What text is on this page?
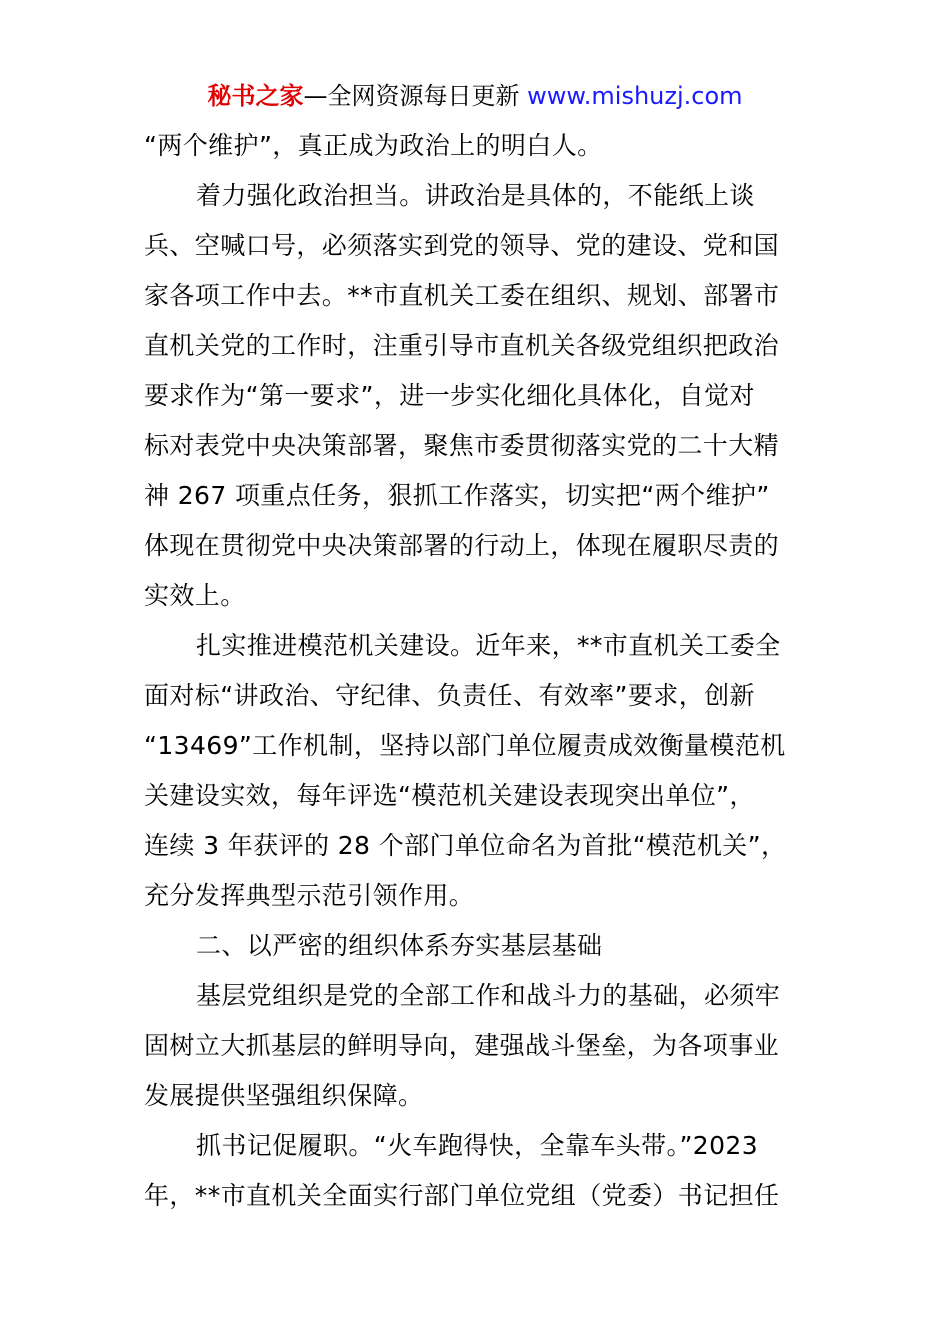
秘书之家—全网资源每日更新 www.mishuzj.com
“两个维护”，真正成为政治上的明白人。
着力强化政治担当。讲政治是具体的，不能纸上谈
兵、空喊口号，必须落实到党的领导、党的建设、党和国
家各项工作中去。**市直机关工委在组织、规划、部署市
直机关党的工作时，注重引导市直机关各级党组织把政治
要求作为“第一要求”，进一步实化细化具体化，自觉对
标对表党中央决策部署，聚焦市委贯彻落实党的二十大精
神 267 项重点任务，狠抓工作落实，切实把“两个维护”
体现在贯彻党中央决策部署的行动上，体现在履职尽责的
实效上。
扎实推进模范机关建设。近年来，**市直机关工委全
面对标“讲政治、守纪律、负责任、有效率”要求，创新
“13469”工作机制，坚持以部门单位履责成效衡量模范机
关建设实效，每年评选“模范机关建设表现突出单位”，
连续 3 年获评的 28 个部门单位命名为首批“模范机关”，
充分发挥典型示范引领作用。
二、以严密的组织体系夯实基层基础
基层党组织是党的全部工作和战斗力的基础，必须牢
固树立大抓基层的鲜明导向，建强战斗堡垒，为各项事业
发展提供坚强组织保障。
抓书记促履职。“火车跑得快，全靠车头带。”2023
年，**市直机关全面实行部门单位党组（党委）书记担任
